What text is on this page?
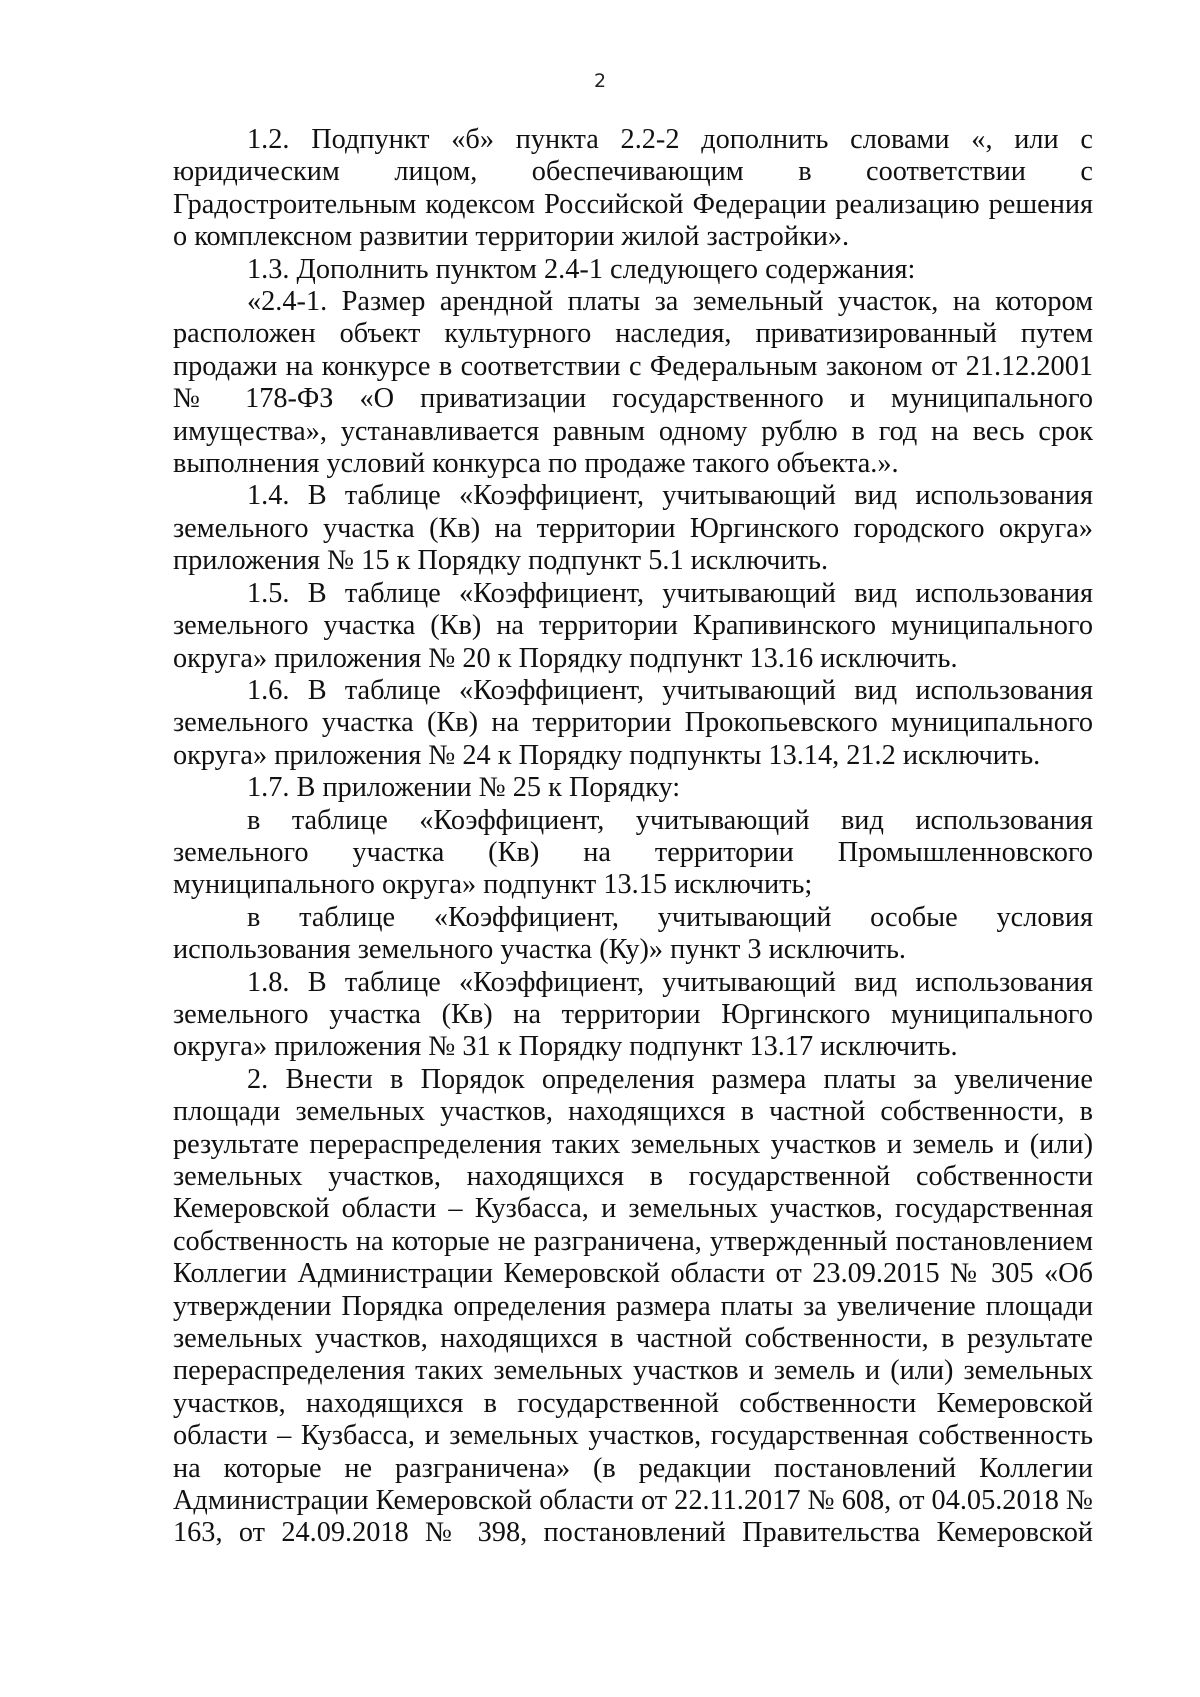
2

1.2. Подпункт «б» пункта 2.2-2 дополнить словами «, или с юридическим лицом, обеспечивающим в соответствии с Градостроительным кодексом Российской Федерации реализацию решения о комплексном развитии территории жилой застройки».

1.3. Дополнить пунктом 2.4-1 следующего содержания:

«2.4-1. Размер арендной платы за земельный участок, на котором расположен объект культурного наследия, приватизированный путем продажи на конкурсе в соответствии с Федеральным законом от 21.12.2001 № 178-ФЗ «О приватизации государственного и муниципального имущества», устанавливается равным одному рублю в год на весь срок выполнения условий конкурса по продаже такого объекта.».

1.4. В таблице «Коэффициент, учитывающий вид использования земельного участка (Кв) на территории Юргинского городского округа» приложения № 15 к Порядку подпункт 5.1 исключить.

1.5. В таблице «Коэффициент, учитывающий вид использования земельного участка (Кв) на территории Крапивинского муниципального округа» приложения № 20 к Порядку подпункт 13.16 исключить.

1.6. В таблице «Коэффициент, учитывающий вид использования земельного участка (Кв) на территории Прокопьевского муниципального округа» приложения № 24 к Порядку подпункты 13.14, 21.2 исключить.

1.7. В приложении № 25 к Порядку:

в таблице «Коэффициент, учитывающий вид использования земельного участка (Кв) на территории Промышленновского муниципального округа» подпункт 13.15 исключить;

в таблице «Коэффициент, учитывающий особые условия использования земельного участка (Ку)» пункт 3 исключить.

1.8. В таблице «Коэффициент, учитывающий вид использования земельного участка (Кв) на территории Юргинского муниципального округа» приложения № 31 к Порядку подпункт 13.17 исключить.

2. Внести в Порядок определения размера платы за увеличение площади земельных участков, находящихся в частной собственности, в результате перераспределения таких земельных участков и земель и (или) земельных участков, находящихся в государственной собственности Кемеровской области – Кузбасса, и земельных участков, государственная собственность на которые не разграничена, утвержденный постановлением Коллегии Администрации Кемеровской области от 23.09.2015 № 305 «Об утверждении Порядка определения размера платы за увеличение площади земельных участков, находящихся в частной собственности, в результате перераспределения таких земельных участков и земель и (или) земельных участков, находящихся в государственной собственности Кемеровской области – Кузбасса, и земельных участков, государственная собственность на которые не разграничена» (в редакции постановлений Коллегии Администрации Кемеровской области от 22.11.2017 № 608, от 04.05.2018 № 163, от 24.09.2018 № 398, постановлений Правительства Кемеровской
